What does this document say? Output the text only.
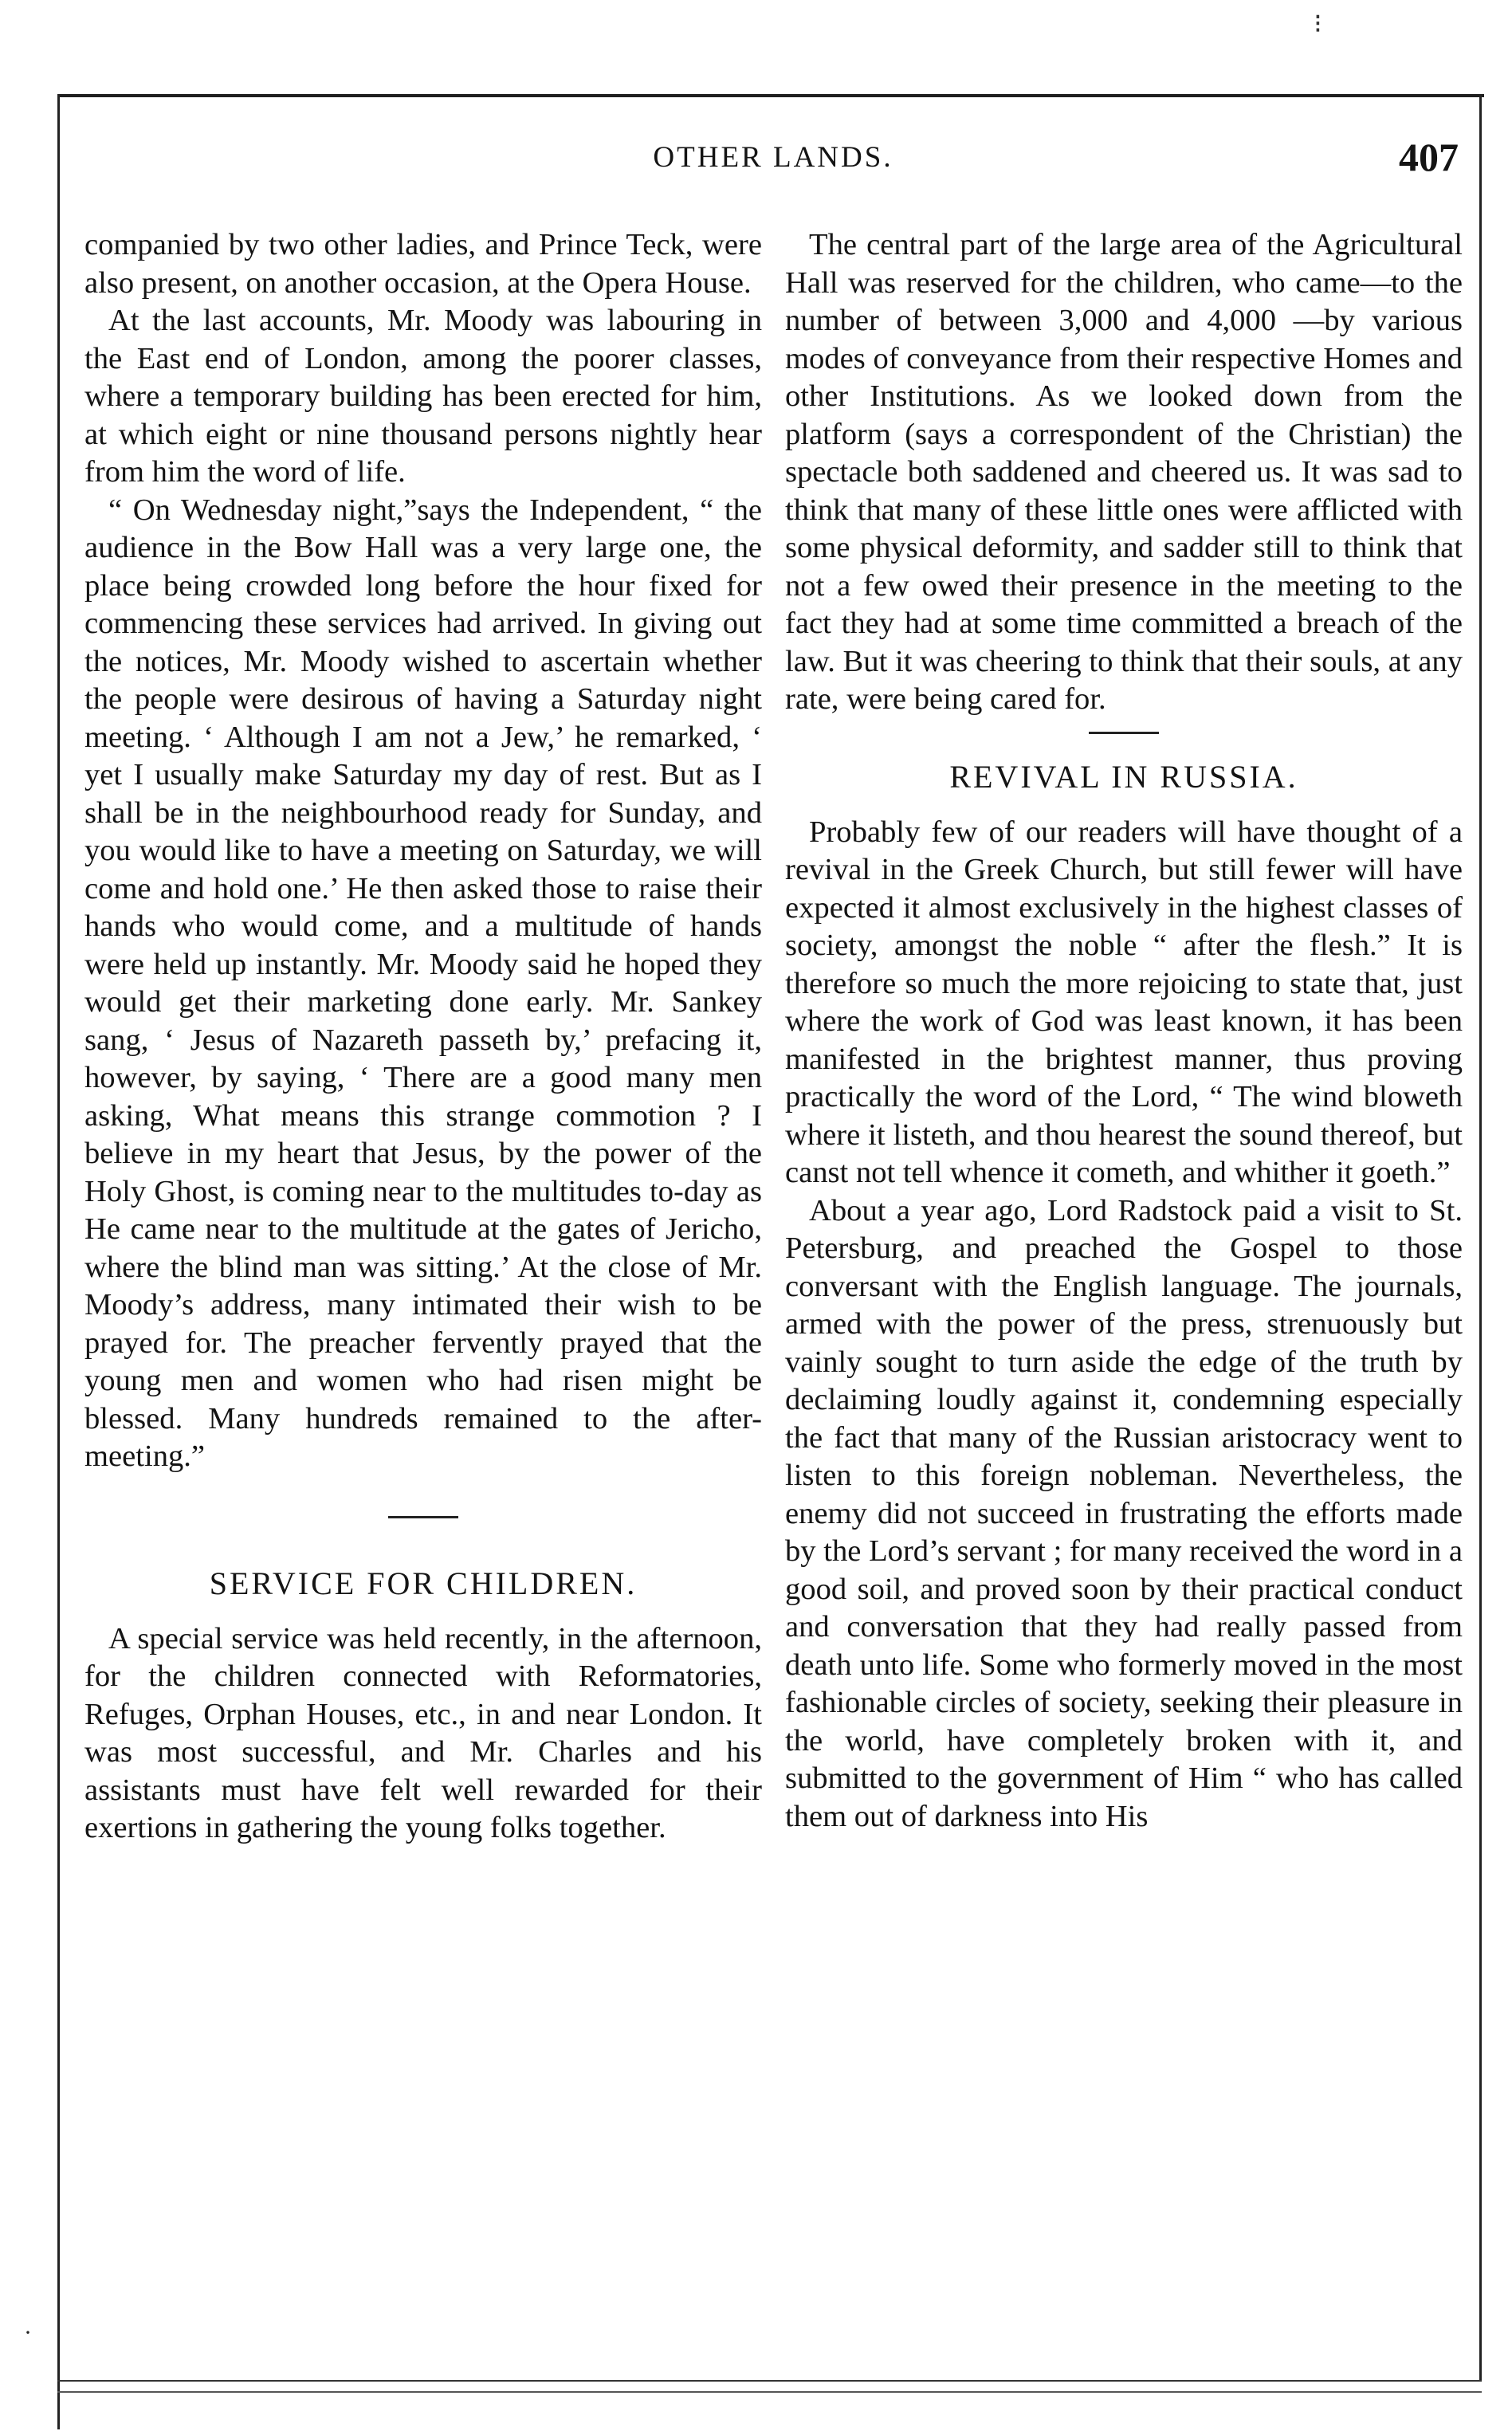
⁝
OTHER LANDS.	407

companied by two other ladies, and Prince Teck, were also present, on another occasion, at the Opera House.

At the last accounts, Mr. Moody was labouring in the East end of London, among the poorer classes, where a temporary building has been erected for him, at which eight or nine thousand persons nightly hear from him the word of life.

“ On Wednesday night,”says the Independent, “ the audience in the Bow Hall was a very large one, the place being crowded long before the hour fixed for commencing these services had arrived. In giving out the notices, Mr. Moody wished to ascertain whether the people were desirous of having a Saturday night meeting. ‘ Although I am not a Jew,’ he remarked, ‘ yet I usually make Saturday my day of rest. But as I shall be in the neighbourhood ready for Sunday, and you would like to have a meeting on Saturday, we will come and hold one.’ He then asked those to raise their hands who would come, and a multitude of hands were held up instantly. Mr. Moody said he hoped they would get their marketing done early. Mr. Sankey sang, ‘ Jesus of Nazareth passeth by,’ prefacing it, however, by saying, ‘ There are a good many men asking, What means this strange commotion ? I believe in my heart that Jesus, by the power of the Holy Ghost, is coming near to the multitudes to-day as He came near to the multitude at the gates of Jericho, where the blind man was sitting.’ At the close of Mr. Moody’s address, many intimated their wish to be prayed for. The preacher fervently prayed that the young men and women who had risen might be blessed. Many hundreds remained to the after-meeting.”

SERVICE FOR CHILDREN.

A special service was held recently, in the afternoon, for the children connected with Reformatories, Refuges, Orphan Houses, etc., in and near London. It was most successful, and Mr. Charles and his assistants must have felt well rewarded for their exertions in gathering the young folks together.

The central part of the large area of the Agricultural Hall was reserved for the children, who came—to the number of between 3,000 and 4,000 —by various modes of conveyance from their respective Homes and other Institutions. As we looked down from the platform (says a correspondent of the Christian) the spectacle both saddened and cheered us. It was sad to think that many of these little ones were afflicted with some physical deformity, and sadder still to think that not a few owed their presence in the meeting to the fact they had at some time committed a breach of the law. But it was cheering to think that their souls, at any rate, were being cared for.

REVIVAL IN RUSSIA.

Probably few of our readers will have thought of a revival in the Greek Church, but still fewer will have expected it almost exclusively in the highest classes of society, amongst the noble “ after the flesh.” It is therefore so much the more rejoicing to state that, just where the work of God was least known, it has been manifested in the brightest manner, thus proving practically the word of the Lord, “ The wind bloweth where it listeth, and thou hearest the sound thereof, but canst not tell whence it cometh, and whither it goeth.”

About a year ago, Lord Radstock paid a visit to St. Petersburg, and preached the Gospel to those conversant with the English language. The journals, armed with the power of the press, strenuously but vainly sought to turn aside the edge of the truth by declaiming loudly against it, condemning especially the fact that many of the Russian aristocracy went to listen to this foreign nobleman. Nevertheless, the enemy did not succeed in frustrating the efforts made by the Lord’s servant ; for many received the word in a good soil, and proved soon by their practical conduct and conversation that they had really passed from death unto life. Some who formerly moved in the most fashionable circles of society, seeking their pleasure in the world, have completely broken with it, and submitted to the government of Him “ who has called them out of darkness into His

·
